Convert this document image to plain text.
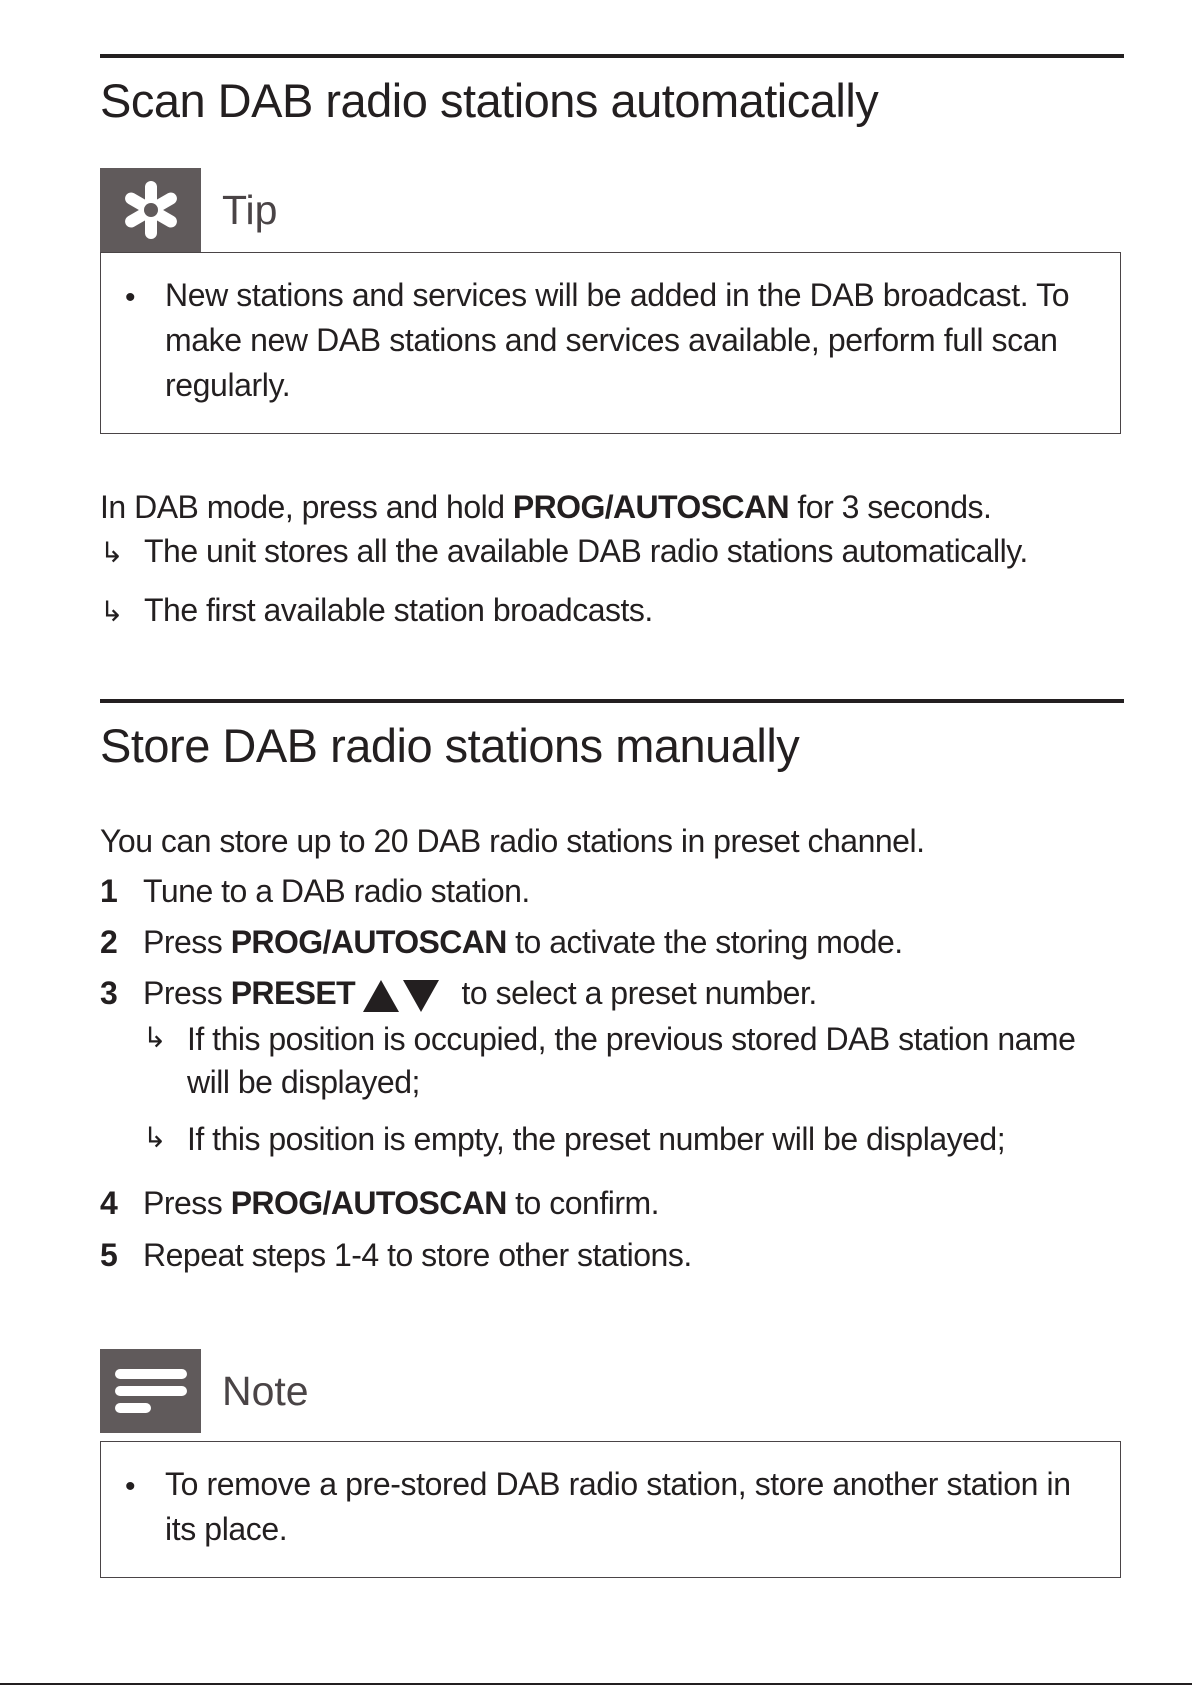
Scan DAB radio stations automatically
Tip
• New stations and services will be added in the DAB broadcast. To make new DAB stations and services available, perform full scan regularly.
In DAB mode, press and hold PROG/AUTOSCAN for 3 seconds.
↳ The unit stores all the available DAB radio stations automatically.
↳ The first available station broadcasts.
Store DAB radio stations manually
You can store up to 20 DAB radio stations in preset channel.
1 Tune to a DAB radio station.
2 Press PROG/AUTOSCAN to activate the storing mode.
3 Press PRESET	to select a preset number.
↳ If this position is occupied, the previous stored DAB station name will be displayed;
↳ If this position is empty, the preset number will be displayed;
4 Press PROG/AUTOSCAN to confirm.
5 Repeat steps 1-4 to store other stations.
Note
• To remove a pre-stored DAB radio station, store another station in its place.
